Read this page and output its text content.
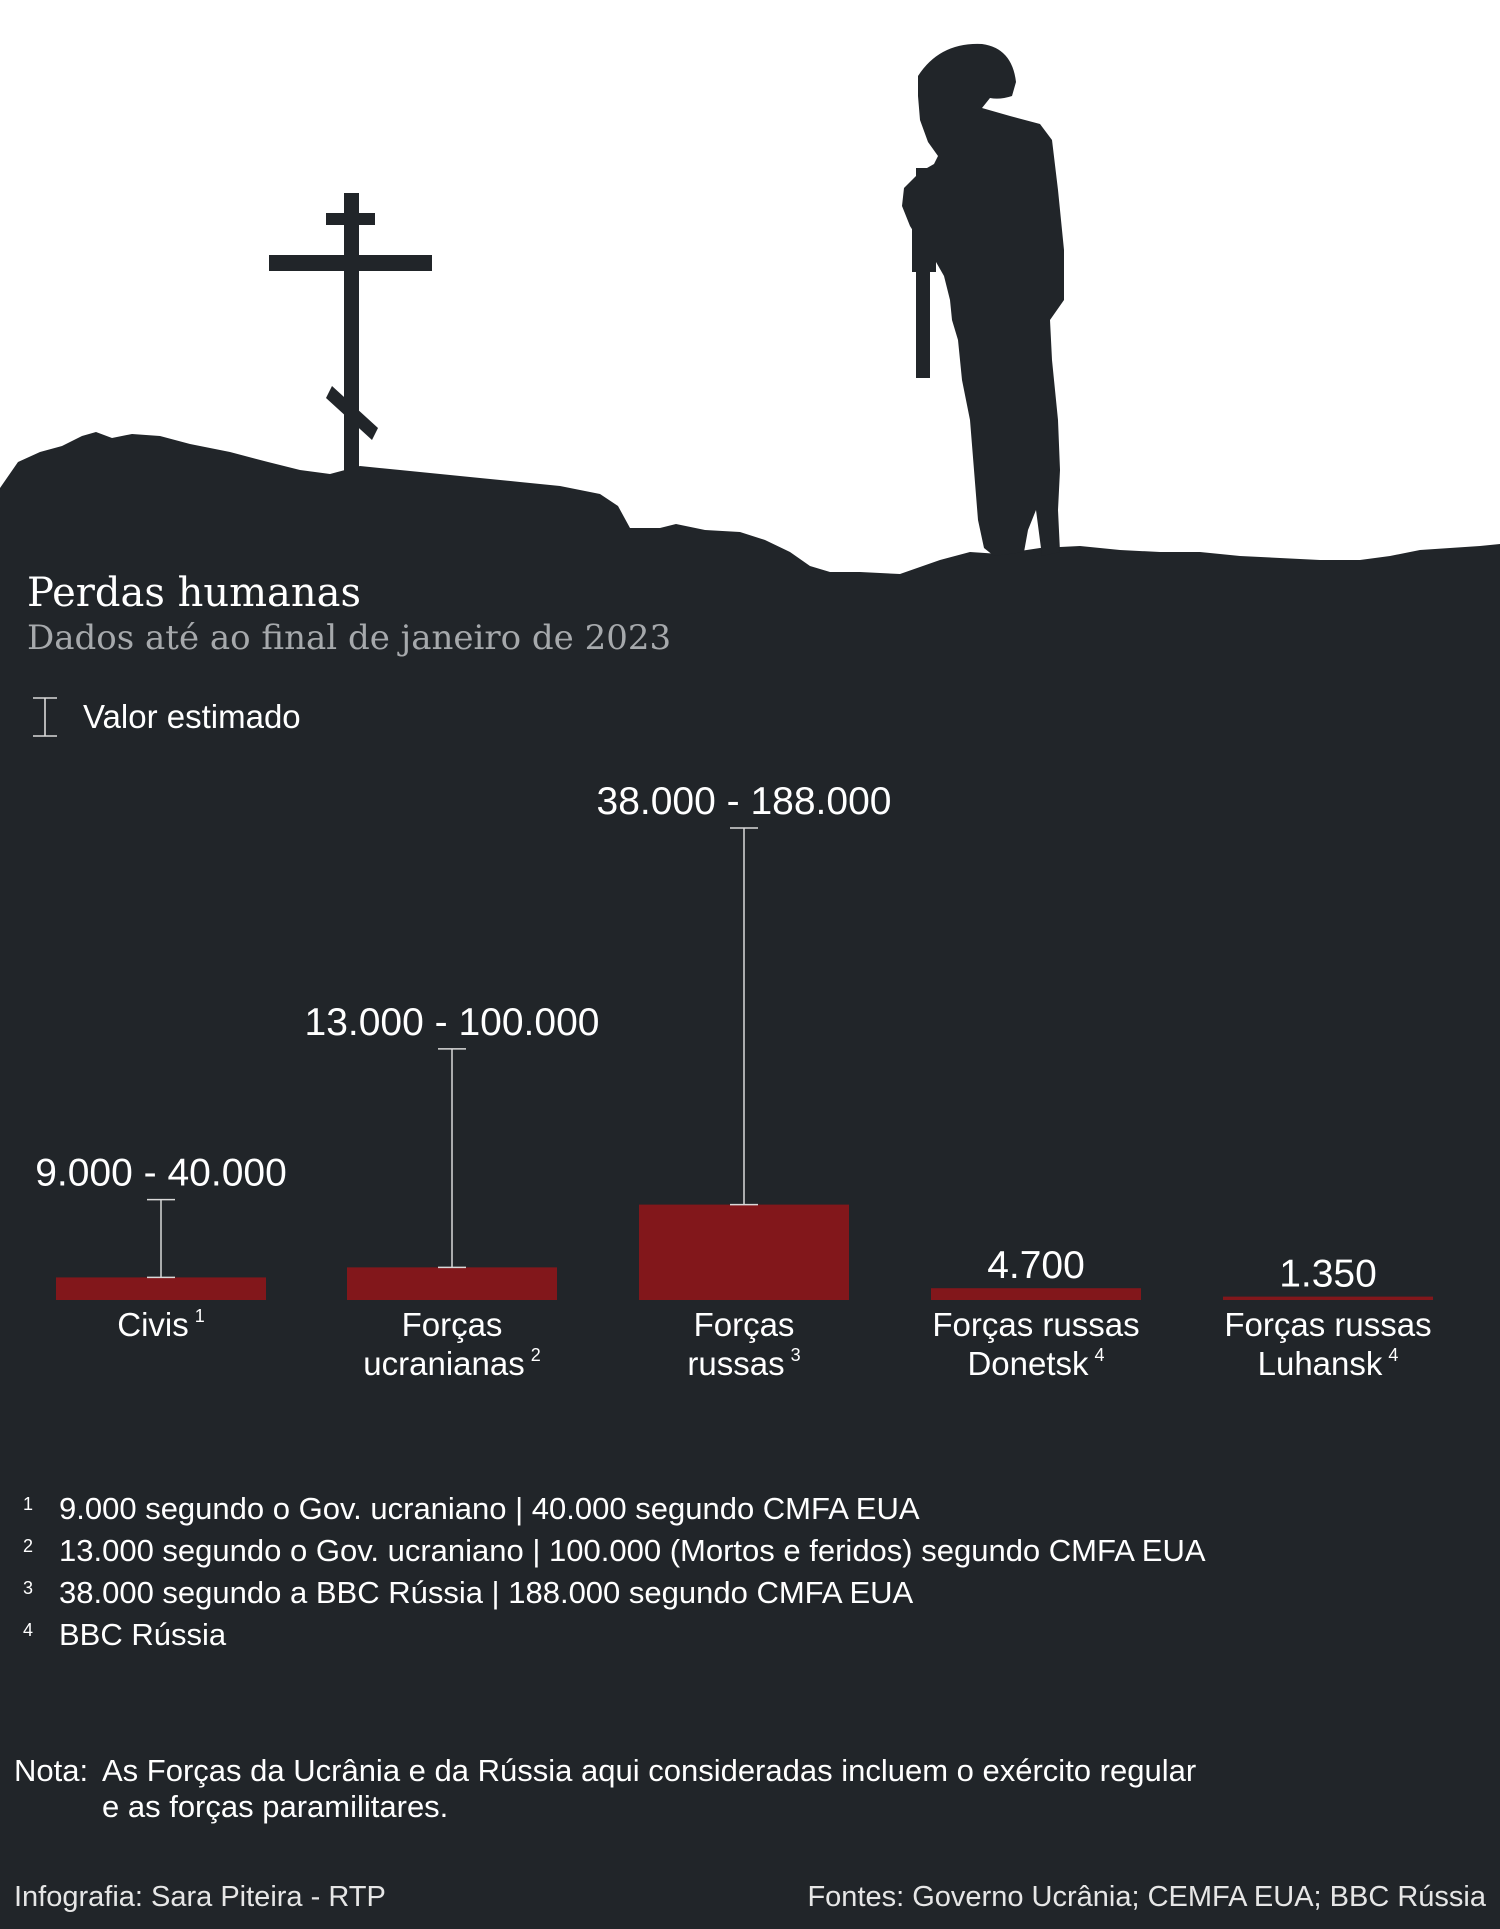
Perdas humanas
Dados até ao final de janeiro de 2023
Valor estimado
9.000 - 40.000
Civis $^1$
13.000 - 100.000
Forças
ucranianas $^2$
38.000 - 188.000
Forças
russas $^3$
4.700
Forças russas
Donetsk $^4$
1.350
Forças russas
Luhansk $^4$
1 9.000 segundo o Gov. ucraniano | 40.000 segundo CMFA EUA
2 13.000 segundo o Gov. ucraniano | 100.000 (Mortos e feridos) segundo CMFA EUA
3 38.000 segundo a BBC Rússia | 188.000 segundo CMFA EUA
4 BBC Rússia
Nota: As Forças da Ucrânia e da Rússia aqui consideradas incluem o exército regular
e as forças paramilitares.
Infografia: Sara Piteira - RTP	Fontes: Governo Ucrânia; CEMFA EUA; BBC Rússia
